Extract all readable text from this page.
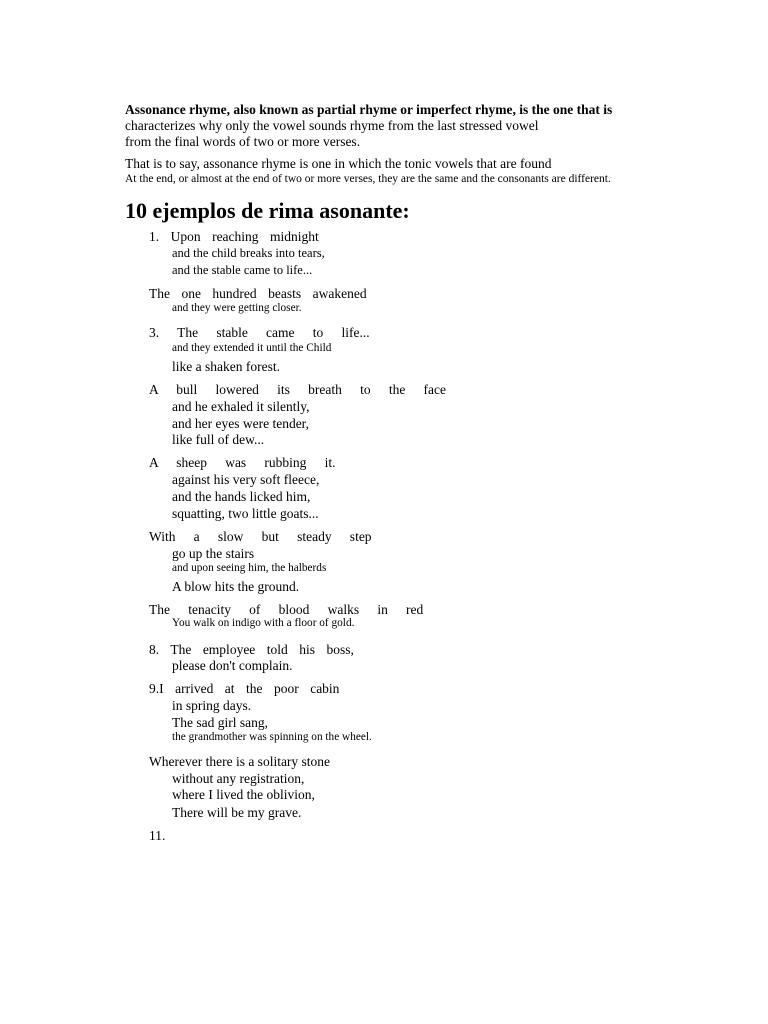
Assonance rhyme, also known as partial rhyme or imperfect rhyme, is the one that is
characterizes why only the vowel sounds rhyme from the last stressed vowel
from the final words of two or more verses.
That is to say, assonance rhyme is one in which the tonic vowels that are found
At the end, or almost at the end of two or more verses, they are the same and the consonants are different.
10 ejemplos de rima asonante:
1. Upon reaching midnight
and the child breaks into tears,
and the stable came to life...
The one hundred beasts awakened
and they were getting closer.
3. The stable came to life...
and they extended it until the Child
like a shaken forest.
A bull lowered its breath to the face
and he exhaled it silently,
and her eyes were tender,
like full of dew...
A sheep was rubbing it.
against his very soft fleece,
and the hands licked him,
squatting, two little goats...
With a slow but steady step
go up the stairs
and upon seeing him, the halberds
A blow hits the ground.
The tenacity of blood walks in red
You walk on indigo with a floor of gold.
8. The employee told his boss,
please don't complain.
9.I arrived at the poor cabin
in spring days.
The sad girl sang,
the grandmother was spinning on the wheel.
Wherever there is a solitary stone
without any registration,
where I lived the oblivion,
There will be my grave.
11.
